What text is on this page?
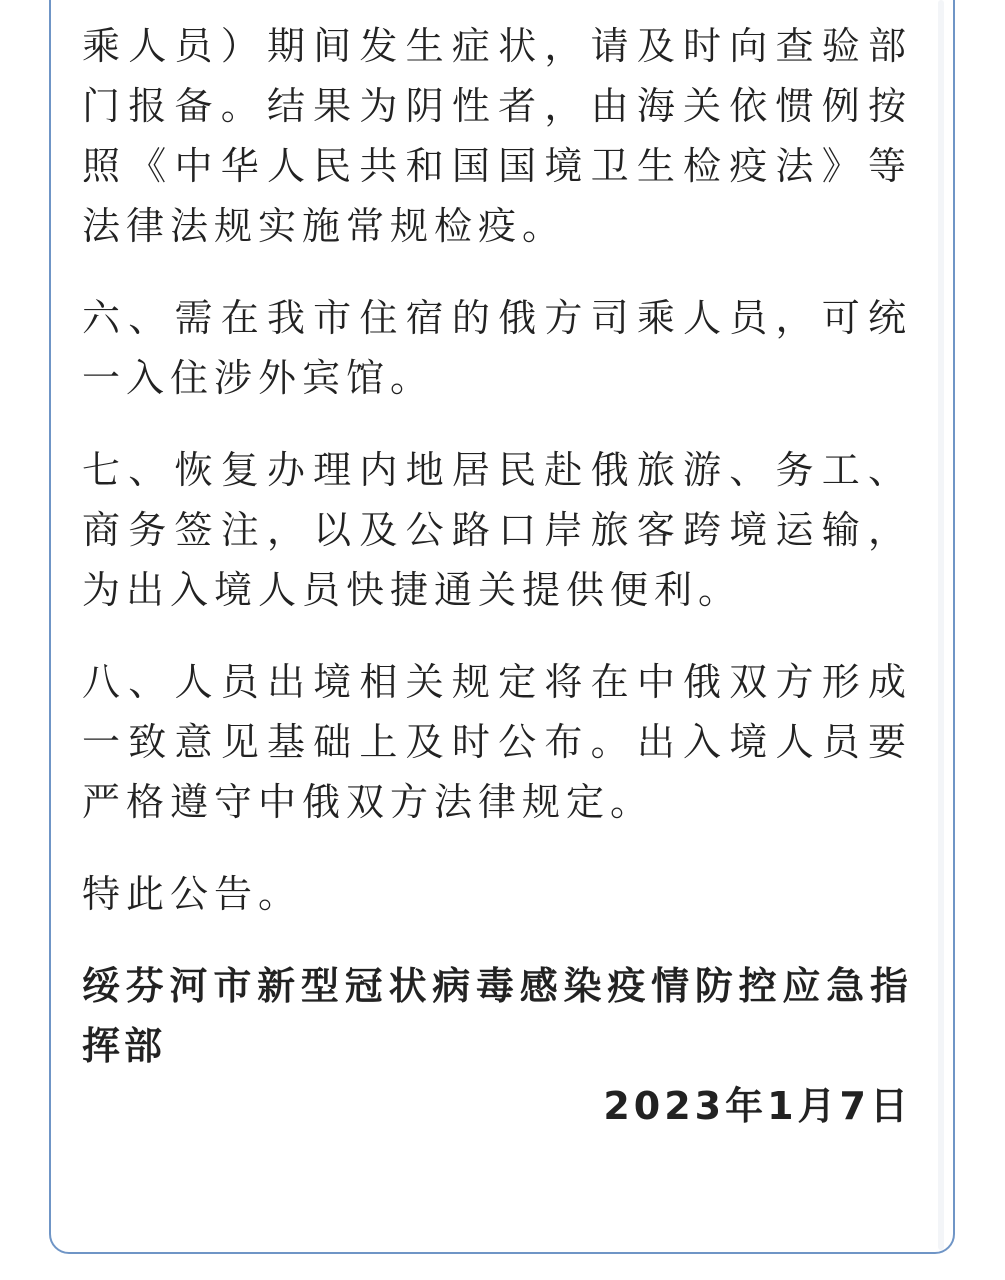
乘人员）期间发生症状，请及时向查验部门报备。结果为阴性者，由海关依惯例按照《中华人民共和国国境卫生检疫法》等法律法规实施常规检疫。

六、需在我市住宿的俄方司乘人员，可统一入住涉外宾馆。

七、恢复办理内地居民赴俄旅游、务工、商务签注，以及公路口岸旅客跨境运输，为出入境人员快捷通关提供便利。

八、人员出境相关规定将在中俄双方形成一致意见基础上及时公布。出入境人员要严格遵守中俄双方法律规定。

特此公告。

绥芬河市新型冠状病毒感染疫情防控应急指挥部

2023年1月7日
